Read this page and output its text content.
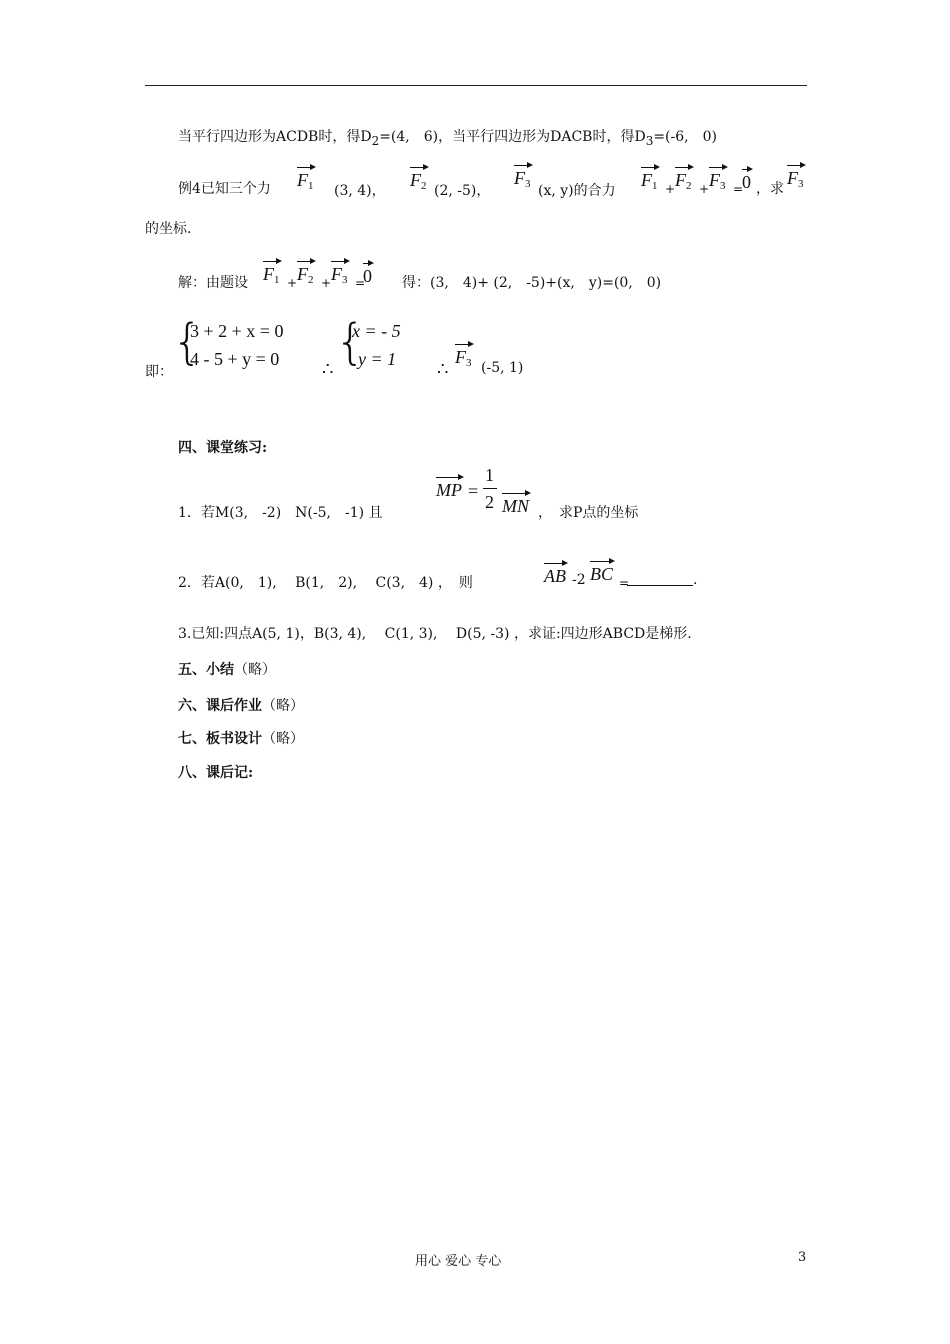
当平行四边形为ACDB时，得$D_2=(4$,　6)，当平行四边形为DACB时，得$D_3=(-6$,　0)
例4已知三个力 $F_1$ (3, 4)，
$F_2$ (2, -5)，
$F_3$ (x, y)的合力
$F_1 + F_2 + F_3$ =
0 ，求
$F_3$
的坐标.
解：由题设 $F_1 + F_2 + F_3$ =
0 得：(3,　4)+ (2,　-5)+(x,　y)=(0,　0)
即：
{
3 + 2 + x = 0
4 - 5 + y = 0 ∴ {
x = - 5
y = 1 ∴
$F_3$ (-5, 1)
四、课堂练习:
1．若M(3,　-2)　N(-5,　-1) 且
MP =
1
2 MN ，　求P点的坐标
2．若A(0,　1),　 B(1,　2),　 C(3,　4) ，　则	AB -2 BC =	.
3.已知:四点A(5, 1)，B(3, 4), 　C(1, 3), 　D(5, -3) ，求证:四边形ABCD是梯形.
五、小结（略）
六、课后作业（略）
七、板书设计（略）
八、课后记:
用心 爱心 专心	3
